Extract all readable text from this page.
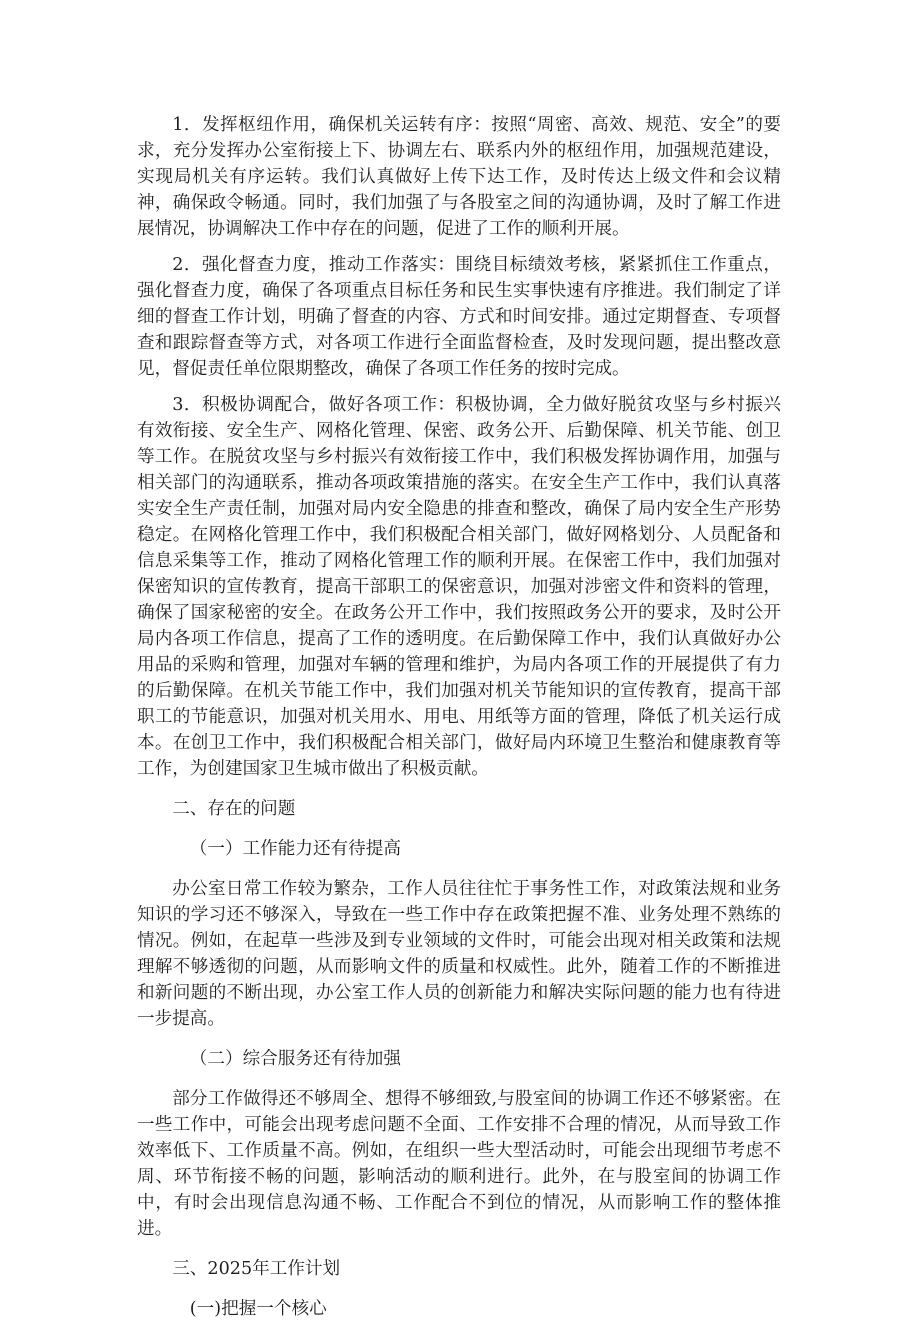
1．发挥枢纽作用，确保机关运转有序：按照“周密、高效、规范、安全”的要求，充分发挥办公室衔接上下、协调左右、联系内外的枢纽作用，加强规范建设，实现局机关有序运转。我们认真做好上传下达工作，及时传达上级文件和会议精神，确保政令畅通。同时，我们加强了与各股室之间的沟通协调，及时了解工作进展情况，协调解决工作中存在的问题，促进了工作的顺利开展。

2．强化督查力度，推动工作落实：围绕目标绩效考核，紧紧抓住工作重点，强化督查力度，确保了各项重点目标任务和民生实事快速有序推进。我们制定了详细的督查工作计划，明确了督查的内容、方式和时间安排。通过定期督查、专项督查和跟踪督查等方式，对各项工作进行全面监督检查，及时发现问题，提出整改意见，督促责任单位限期整改，确保了各项工作任务的按时完成。

3．积极协调配合，做好各项工作：积极协调，全力做好脱贫攻坚与乡村振兴有效衔接、安全生产、网格化管理、保密、政务公开、后勤保障、机关节能、创卫等工作。在脱贫攻坚与乡村振兴有效衔接工作中，我们积极发挥协调作用，加强与相关部门的沟通联系，推动各项政策措施的落实。在安全生产工作中，我们认真落实安全生产责任制，加强对局内安全隐患的排查和整改，确保了局内安全生产形势稳定。在网格化管理工作中，我们积极配合相关部门，做好网格划分、人员配备和信息采集等工作，推动了网格化管理工作的顺利开展。在保密工作中，我们加强对保密知识的宣传教育，提高干部职工的保密意识，加强对涉密文件和资料的管理，确保了国家秘密的安全。在政务公开工作中，我们按照政务公开的要求，及时公开局内各项工作信息，提高了工作的透明度。在后勤保障工作中，我们认真做好办公用品的采购和管理，加强对车辆的管理和维护，为局内各项工作的开展提供了有力的后勤保障。在机关节能工作中，我们加强对机关节能知识的宣传教育，提高干部职工的节能意识，加强对机关用水、用电、用纸等方面的管理，降低了机关运行成本。在创卫工作中，我们积极配合相关部门，做好局内环境卫生整治和健康教育等工作，为创建国家卫生城市做出了积极贡献。

二、存在的问题

（一）工作能力还有待提高

办公室日常工作较为繁杂，工作人员往往忙于事务性工作，对政策法规和业务知识的学习还不够深入，导致在一些工作中存在政策把握不准、业务处理不熟练的情况。例如，在起草一些涉及到专业领域的文件时，可能会出现对相关政策和法规理解不够透彻的问题，从而影响文件的质量和权威性。此外，随着工作的不断推进和新问题的不断出现，办公室工作人员的创新能力和解决实际问题的能力也有待进一步提高。

（二）综合服务还有待加强

部分工作做得还不够周全、想得不够细致,与股室间的协调工作还不够紧密。在一些工作中，可能会出现考虑问题不全面、工作安排不合理的情况，从而导致工作效率低下、工作质量不高。例如，在组织一些大型活动时，可能会出现细节考虑不周、环节衔接不畅的问题，影响活动的顺利进行。此外，在与股室间的协调工作中，有时会出现信息沟通不畅、工作配合不到位的情况，从而影响工作的整体推进。

三、2025年工作计划

(一)把握一个核心
